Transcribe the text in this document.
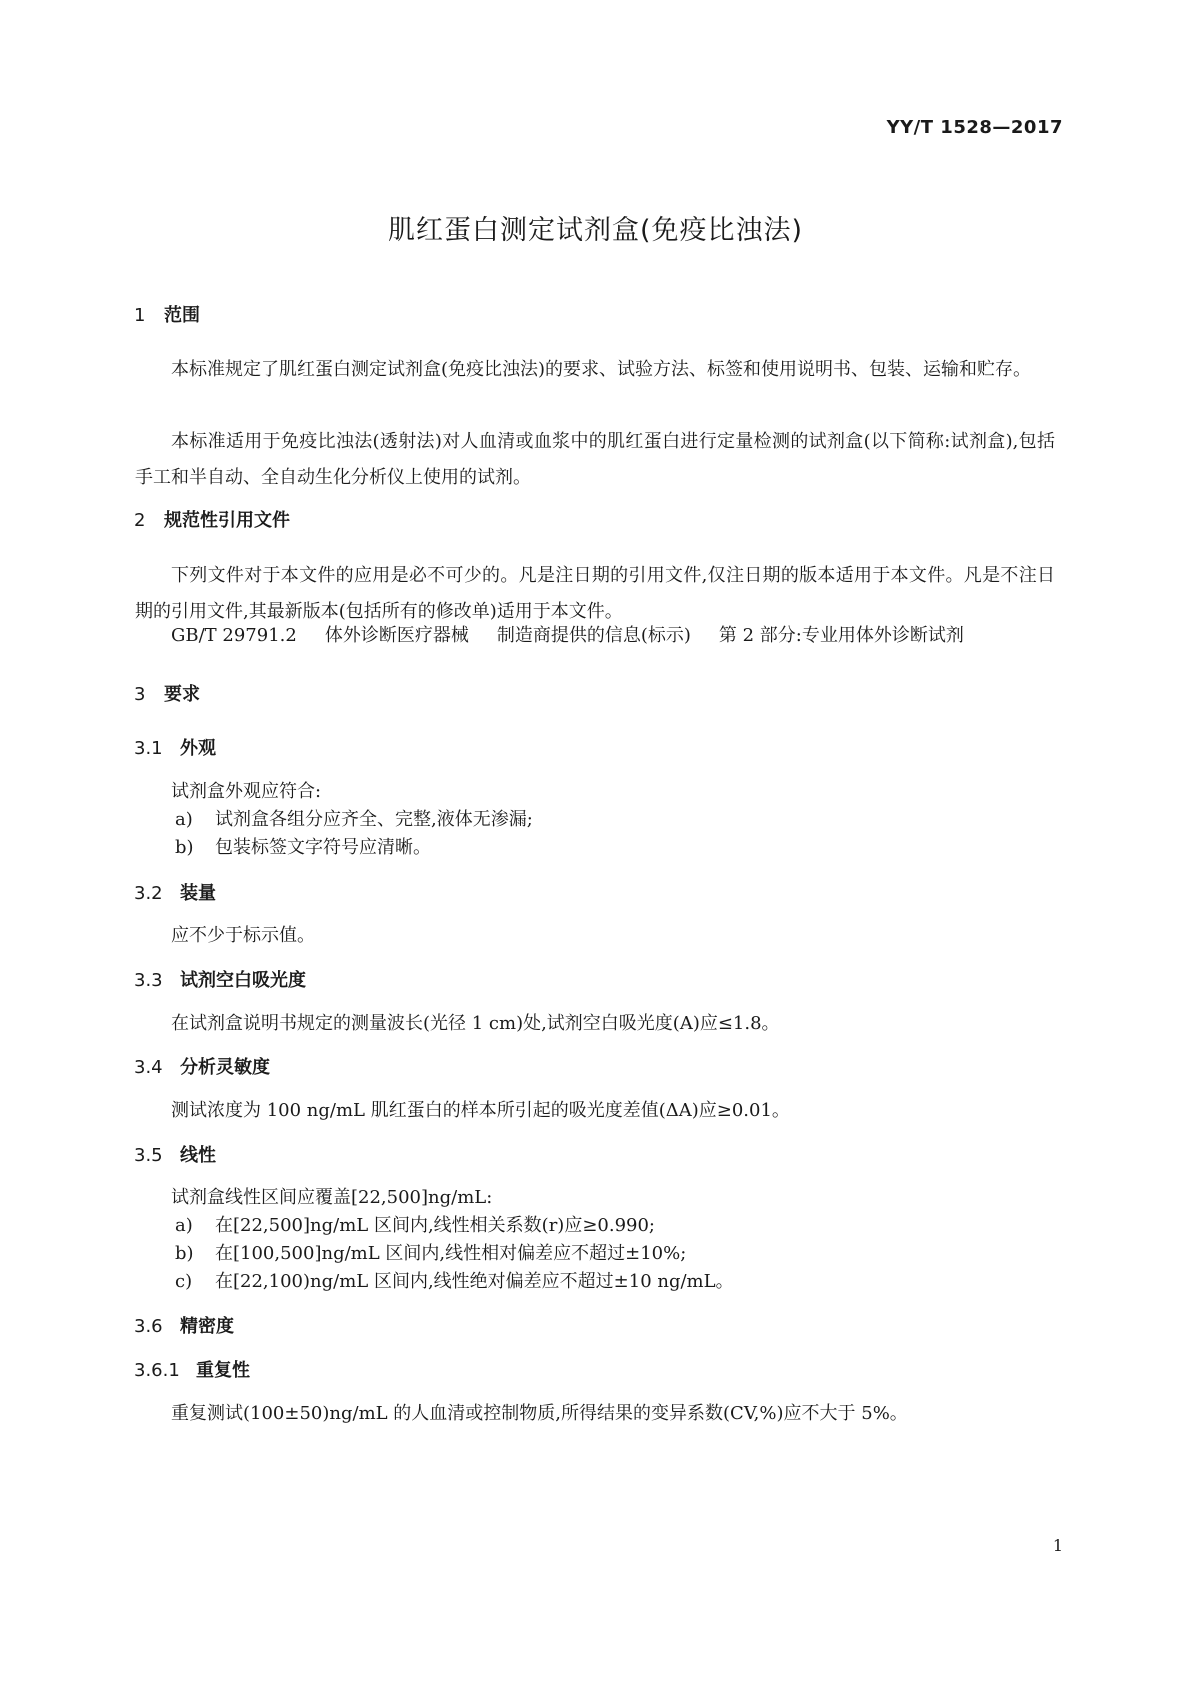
YY/T 1528—2017
肌红蛋白测定试剂盒(免疫比浊法)
1 范围
本标准规定了肌红蛋白测定试剂盒(免疫比浊法)的要求、试验方法、标签和使用说明书、包装、运输和贮存。
本标准适用于免疫比浊法(透射法)对人血清或血浆中的肌红蛋白进行定量检测的试剂盒(以下简称:试剂盒),包括手工和半自动、全自动生化分析仪上使用的试剂。
2 规范性引用文件
下列文件对于本文件的应用是必不可少的。凡是注日期的引用文件,仅注日期的版本适用于本文件。凡是不注日期的引用文件,其最新版本(包括所有的修改单)适用于本文件。
GB/T 29791.2 体外诊断医疗器械 制造商提供的信息(标示) 第 2 部分:专业用体外诊断试剂
3 要求
3.1 外观
试剂盒外观应符合:
a) 试剂盒各组分应齐全、完整,液体无渗漏;
b) 包装标签文字符号应清晰。
3.2 装量
应不少于标示值。
3.3 试剂空白吸光度
在试剂盒说明书规定的测量波长(光径 1 cm)处,试剂空白吸光度(A)应≤1.8。
3.4 分析灵敏度
测试浓度为 100 ng/mL 肌红蛋白的样本所引起的吸光度差值(ΔA)应≥0.01。
3.5 线性
试剂盒线性区间应覆盖[22,500]ng/mL:
a) 在[22,500]ng/mL 区间内,线性相关系数(r)应≥0.990;
b) 在[100,500]ng/mL 区间内,线性相对偏差应不超过±10%;
c) 在[22,100)ng/mL 区间内,线性绝对偏差应不超过±10 ng/mL。
3.6 精密度
3.6.1 重复性
重复测试(100±50)ng/mL 的人血清或控制物质,所得结果的变异系数(CV,%)应不大于 5%。
1
